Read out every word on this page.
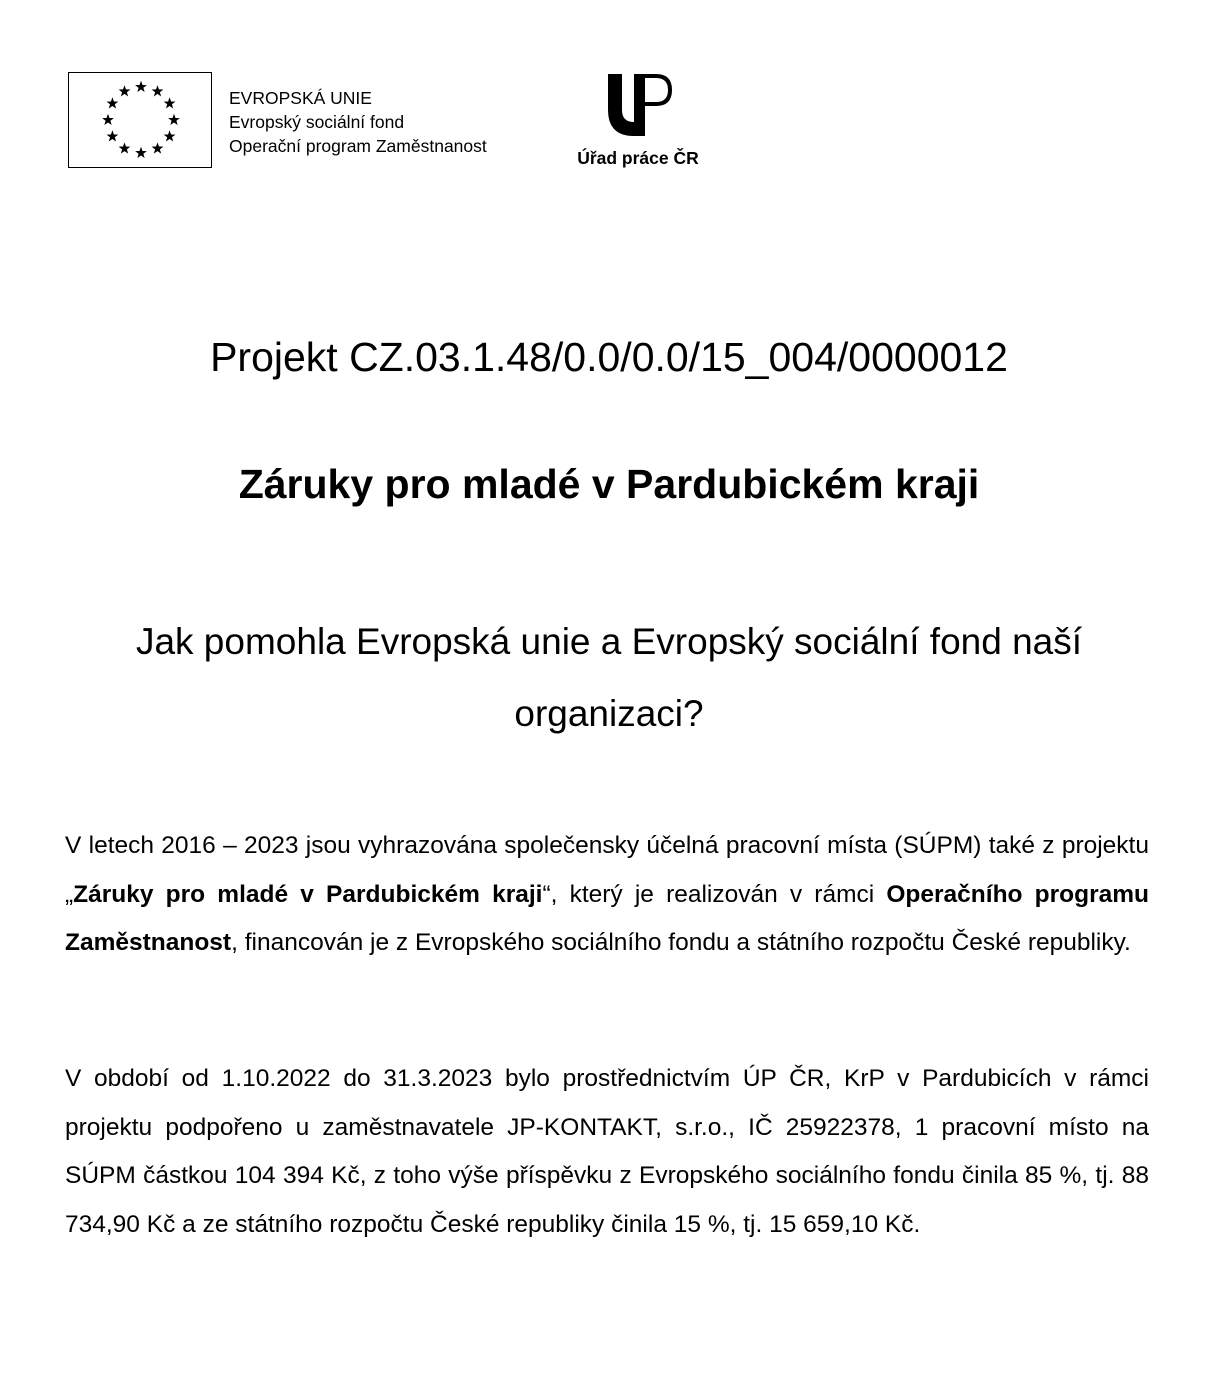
EVROPSKÁ UNIE
Evropský sociální fond
Operační program Zaměstnanost
Úřad práce ČR
Projekt CZ.03.1.48/0.0/0.0/15_004/0000012
Záruky pro mladé v Pardubickém kraji
Jak pomohla Evropská unie a Evropský sociální fond naší organizaci?
V letech 2016 – 2023 jsou vyhrazována společensky účelná pracovní místa (SÚPM) také z projektu „Záruky pro mladé v Pardubickém kraji“, který je realizován v rámci Operačního programu Zaměstnanost, financován je z Evropského sociálního fondu a státního rozpočtu České republiky.
V období od 1.10.2022 do 31.3.2023 bylo prostřednictvím ÚP ČR, KrP v Pardubicích v rámci projektu podpořeno u zaměstnavatele JP-KONTAKT, s.r.o., IČ 25922378, 1 pracovní místo na SÚPM částkou 104 394 Kč, z toho výše příspěvku z Evropského sociálního fondu činila 85 %, tj. 88 734,90 Kč a ze státního rozpočtu České republiky činila 15 %, tj. 15 659,10 Kč.
